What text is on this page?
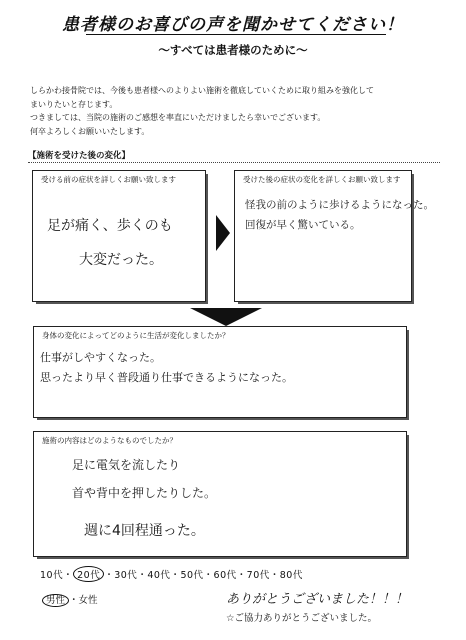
患者様のお喜びの声を聞かせてください！
～すべては患者様のために～
しらかわ接骨院では、今後も患者様へのよりよい施術を徹底していくために取り組みを強化して
まいりたいと存じます。
つきましては、当院の施術のご感想を率直にいただけましたら幸いでございます。
何卒よろしくお願いいたします。
【施術を受けた後の変化】
受ける前の症状を詳しくお願い致します
足が痛く、歩くのも
大変だった。
受けた後の症状の変化を詳しくお願い致します
怪我の前のように歩けるようになった。
回復が早く驚いている。
身体の変化によってどのように生活が変化しましたか？
仕事がしやすくなった。
思ったより早く普段通り仕事できるようになった。
施術の内容はどのようなものでしたか？
足に電気を流したり
首や背中を押したりした。
週に4回程通った。
10代・ 20代 ・30代・40代・50代・60代・70代・80代
男性 ・女性	ありがとうございました！！！
☆ご協力ありがとうございました。
